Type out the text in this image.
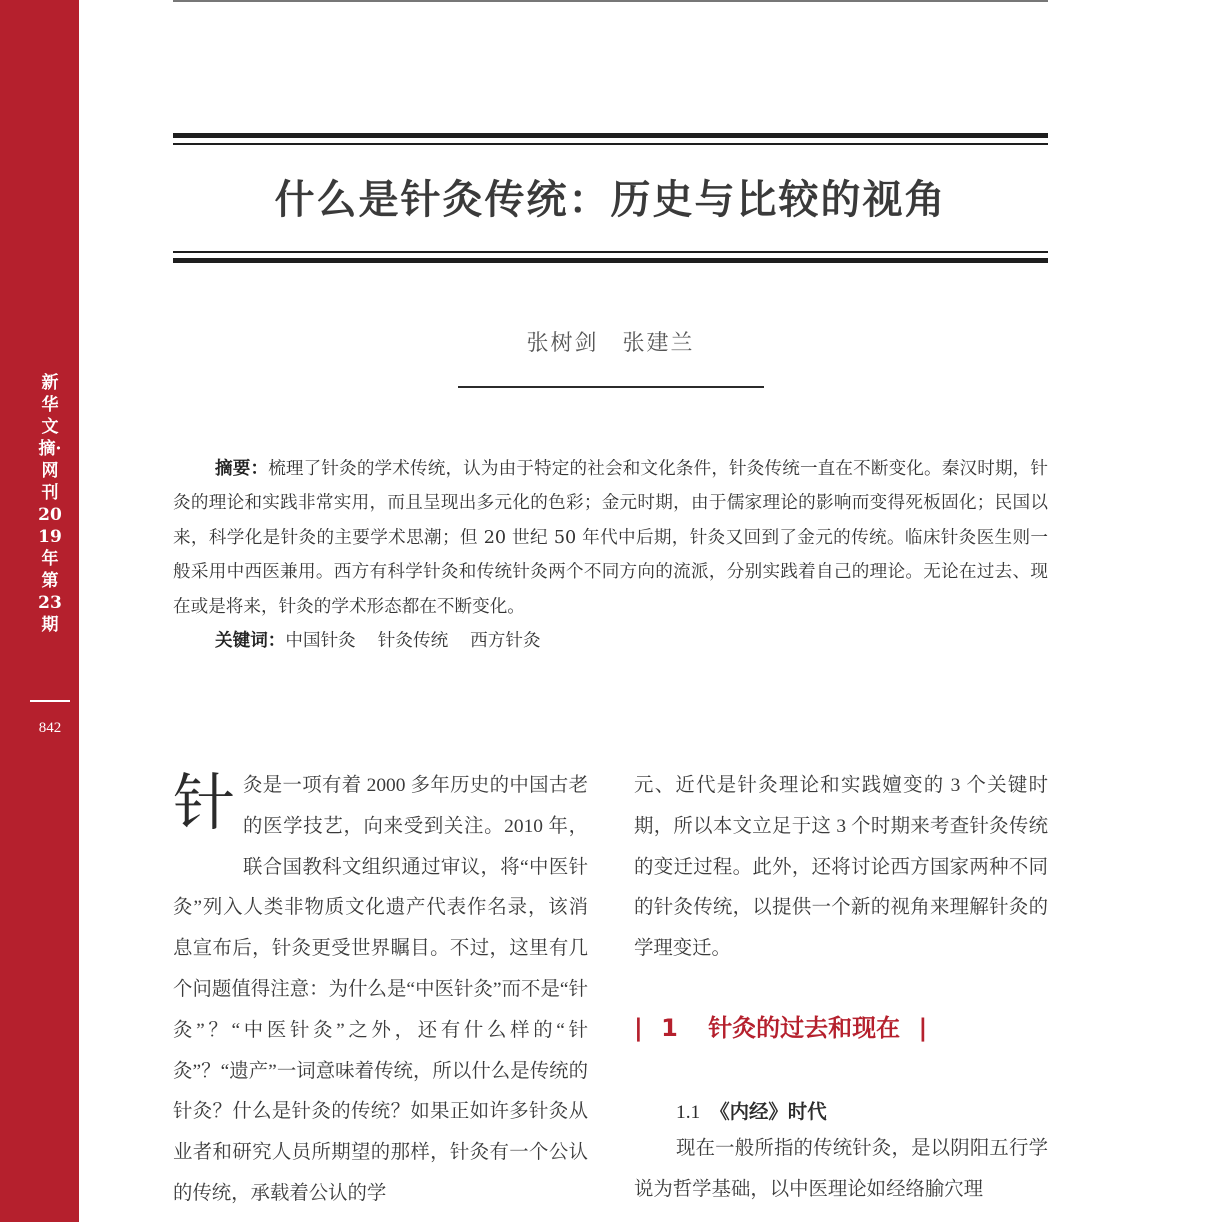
新华文摘·网刊2019年第23期
842
什么是针灸传统：历史与比较的视角
张树剑　张建兰
摘要：梳理了针灸的学术传统，认为由于特定的社会和文化条件，针灸传统一直在不断变化。秦汉时期，针灸的理论和实践非常实用，而且呈现出多元化的色彩；金元时期，由于儒家理论的影响而变得死板固化；民国以来，科学化是针灸的主要学术思潮；但 20 世纪 50 年代中后期，针灸又回到了金元的传统。临床针灸医生则一般采用中西医兼用。西方有科学针灸和传统针灸两个不同方向的流派，分别实践着自己的理论。无论在过去、现在或是将来，针灸的学术形态都在不断变化。
关键词：中国针灸 针灸传统 西方针灸
针灸是一项有着 2000 多年历史的中国古老的医学技艺，向来受到关注。2010 年，联合国教科文组织通过审议，将“中医针灸”列入人类非物质文化遗产代表作名录，该消息宣布后，针灸更受世界瞩目。不过，这里有几个问题值得注意：为什么是“中医针灸”而不是“针灸”？“中医针灸”之外，还有什么样的“针灸”？“遗产”一词意味着传统，所以什么是传统的针灸？什么是针灸的传统？如果正如许多针灸从业者和研究人员所期望的那样，针灸有一个公认的传统，承载着公认的学
元、近代是针灸理论和实践嬗变的 3 个关键时期，所以本文立足于这 3 个时期来考查针灸传统的变迁过程。此外，还将讨论西方国家两种不同的针灸传统，以提供一个新的视角来理解针灸的学理变迁。
| 1 针灸的过去和现在 |
1.1 《内经》时代
现在一般所指的传统针灸，是以阴阳五行学说为哲学基础，以中医理论如经络腧穴理
